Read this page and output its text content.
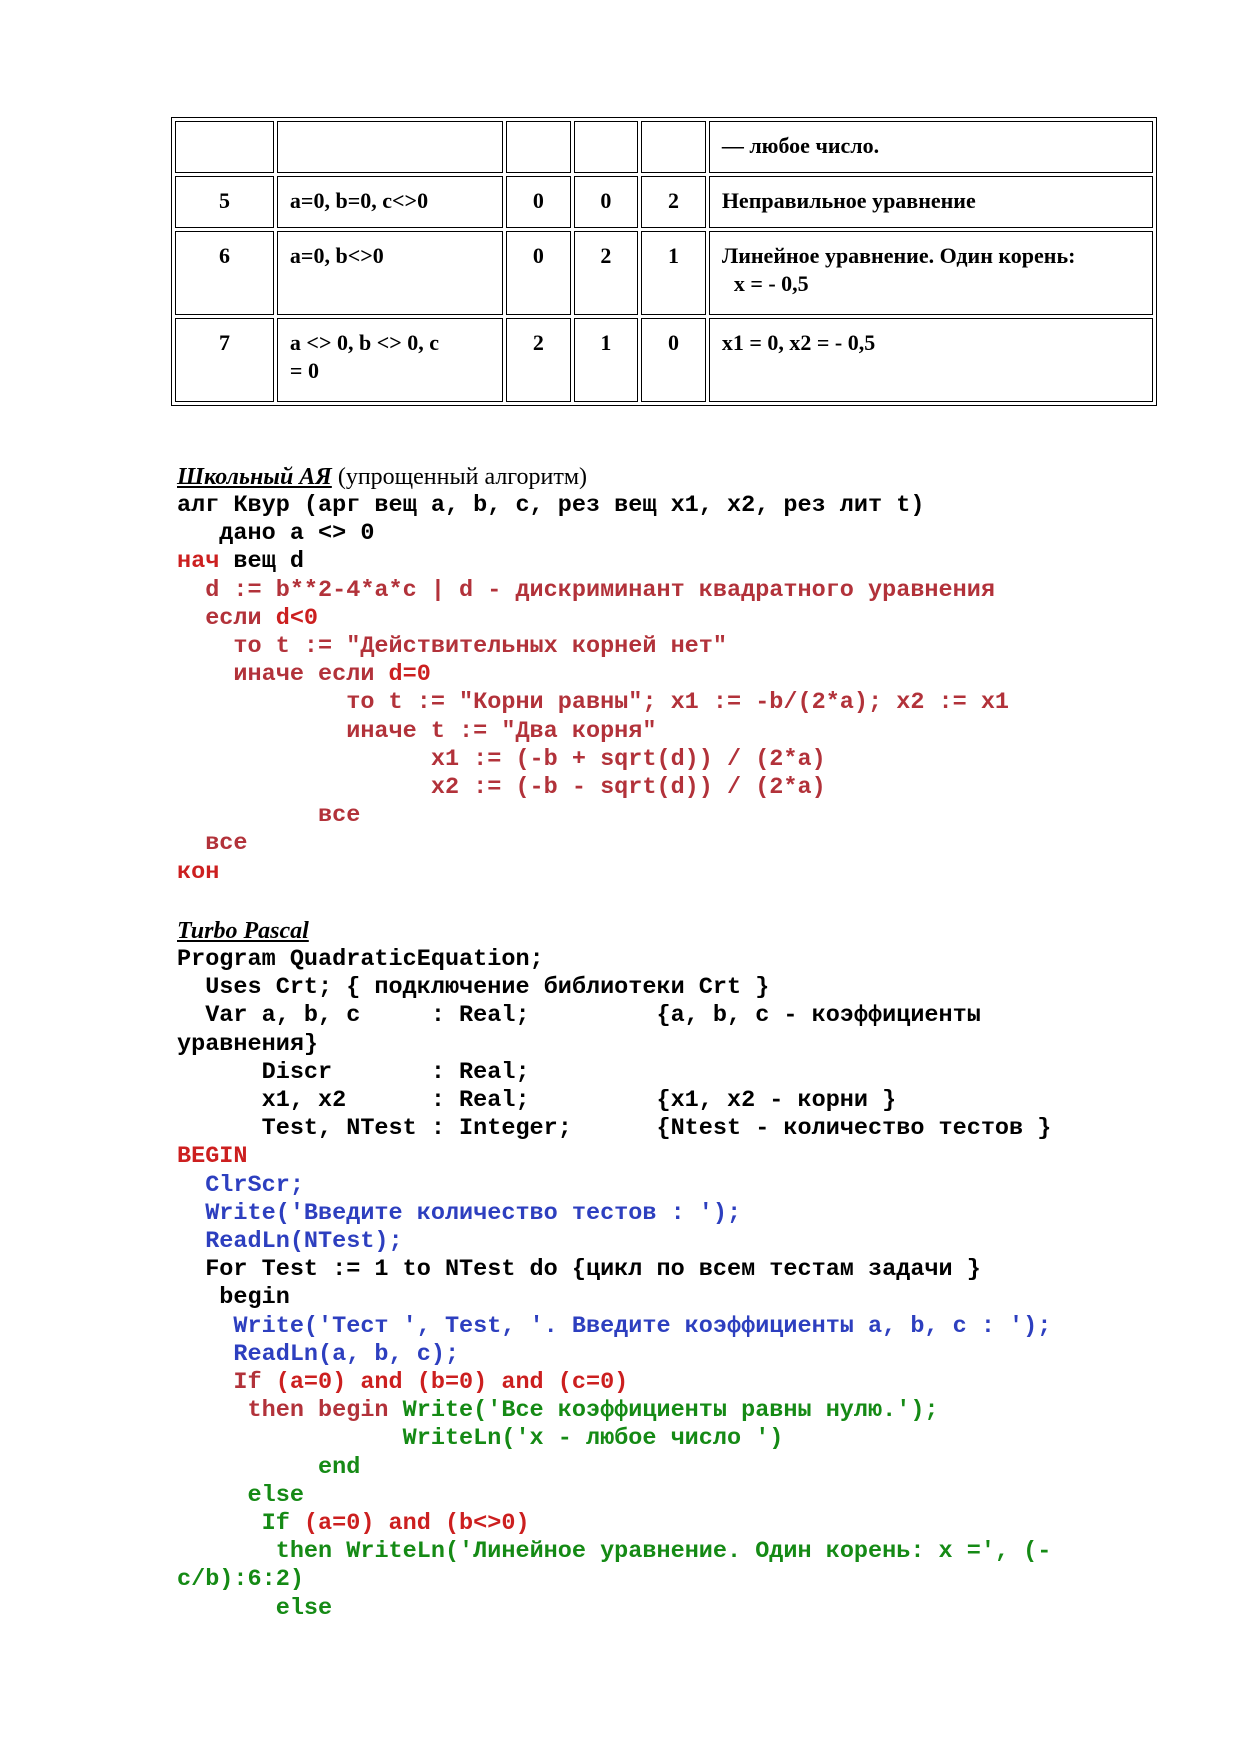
					— любое число.
5	a=0, b=0, c<>0	0	0	2	Неправильное уравнение
6	a=0, b<>0	0	2	1	Линейное уравнение. Один корень:
x = - 0,5

7	a <> 0, b <> 0, c
= 0	2	1	0	x1 = 0, x2 = - 0,5
Школьный АЯ (упрощенный алгоритм)
алг Квур (арг вещ a, b, c, рез вещ x1, x2, рез лит t)
дано a <> 0
нач вещ d
d := b**2-4*a*c | d - дискриминант квадратного уравнения
если d<0
то t := "Действительных корней нет"
иначе если d=0
то t := "Корни равны"; x1 := -b/(2*a); x2 := x1
иначе t := "Два корня"
x1 := (-b + sqrt(d)) / (2*a)
x2 := (-b - sqrt(d)) / (2*a)
все
все
кон
Turbo Pascal
Program QuadraticEquation;
Uses Crt; { подключение библиотеки Crt }
Var a, b, c     : Real;         {a, b, c - коэффициенты
уравнения}
Discr       : Real;
x1, x2      : Real;         {x1, x2 - корни }
Test, NTest : Integer;      {Ntest - количество тестов }
BEGIN
ClrScr;
Write('Введите количество тестов : ');
ReadLn(NTest);
For Test := 1 to NTest do {цикл по всем тестам задачи }
begin
Write('Тест ', Test, '. Введите коэффициенты a, b, c : ');
ReadLn(a, b, c);
If (a=0) and (b=0) and (c=0)
then begin Write('Все коэффициенты равны нулю.');
WriteLn('x - любое число ')
end
else
If (a=0) and (b<>0)
then WriteLn('Линейное уравнение. Один корень: x =', (-
c/b):6:2)
else
